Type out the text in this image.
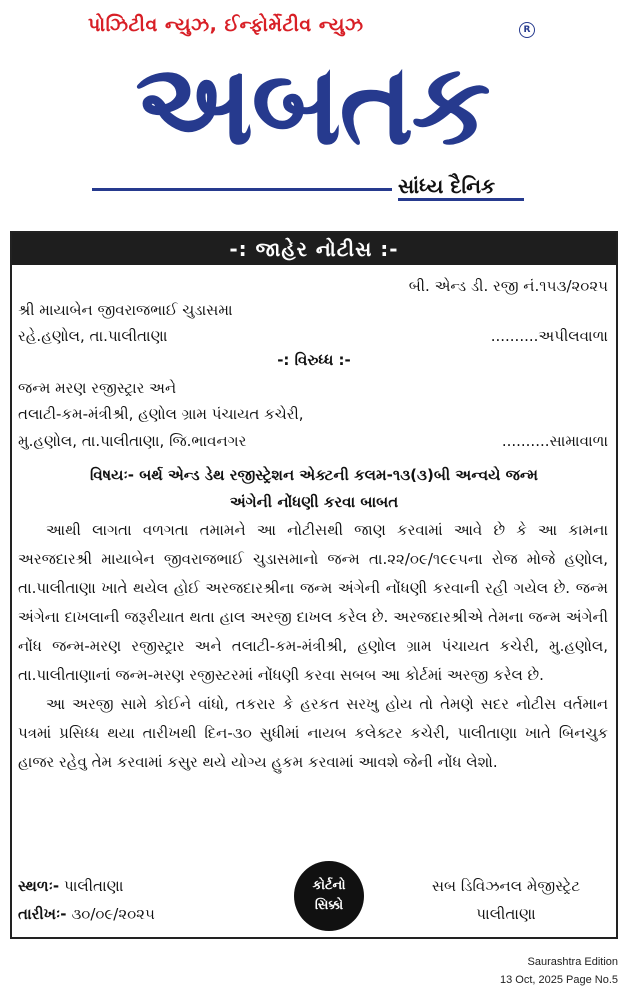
પોઝિટીવ ન્યુઝ, ઈન્ફોર્મેટીવ ન્યુઝ	R
અબતક
સાંધ્ય દૈનિક
-: જાહેર નોટીસ :-
બી. એન્ડ ડી. રજી નં.૧૫૩/૨૦૨૫
શ્રી માયાબેન જીવરાજભાઈ ચુડાસમા
રહે.હણોલ, તા.પાલીતાણા	..........અપીલવાળા
-: વિરુધ્ધ :-
જન્મ મરણ રજીસ્ટ્રાર અને
તલાટી-કમ-મંત્રીશ્રી, હણોલ ગ્રામ પંચાયત કચેરી,
મુ.હણોલ, તા.પાલીતાણા, જિ.ભાવનગર	..........સામાવાળા
વિષયઃ- બર્થ એન્ડ ડેથ રજીસ્ટ્રેશન એક્ટની કલમ-૧૩(૩)બી અન્વયે જન્મ
અંગેની નોંધણી કરવા બાબત

આથી લાગતા વળગતા તમામને આ નોટીસથી જાણ કરવામાં આવે છે કે આ કામના અરજદારશ્રી માયાબેન જીવરાજભાઈ ચુડાસમાનો જન્મ તા.૨૨/૦૯/૧૯૯૫ના રોજ મોજે હણોલ, તા.પાલીતાણા ખાતે થયેલ હોઈ અરજદારશ્રીના જન્મ અંગેની નોંધણી કરવાની રહી ગયેલ છે. જન્મ અંગેના દાખલાની જરૂરીયાત થતા હાલ અરજી દાખલ કરેલ છે. અરજદારશ્રીએ તેમના જન્મ અંગેની નોંધ જન્મ-મરણ રજીસ્ટ્રાર અને તલાટી-કમ-મંત્રીશ્રી, હણોલ ગ્રામ પંચાયત કચેરી, મુ.હણોલ, તા.પાલીતાણાનાં જન્મ-મરણ રજીસ્ટરમાં નોંધણી કરવા સબબ આ કોર્ટમાં અરજી કરેલ છે.

આ અરજી સામે કોઈને વાંધો, તકરાર કે હરકત સરખુ હોય તો તેમણે સદર નોટીસ વર્તમાન પત્રમાં પ્રસિધ્ધ થયા તારીખથી દિન-૩૦ સુધીમાં નાયબ કલેક્ટર કચેરી, પાલીતાણા ખાતે બિનચુક હાજર રહેવુ તેમ કરવામાં કસુર થયે યોગ્ય હુકમ કરવામાં આવશે જેની નોંધ લેશો.

સ્થળઃ- પાલીતાણા
તારીખઃ- ૩૦/૦૯/૨૦૨૫
કોર્ટનો
સિક્કો
સબ ડિવિઝનલ મેજીસ્ટ્રેટ
પાલીતાણા
Saurashtra Edition
13 Oct, 2025 Page No.5
